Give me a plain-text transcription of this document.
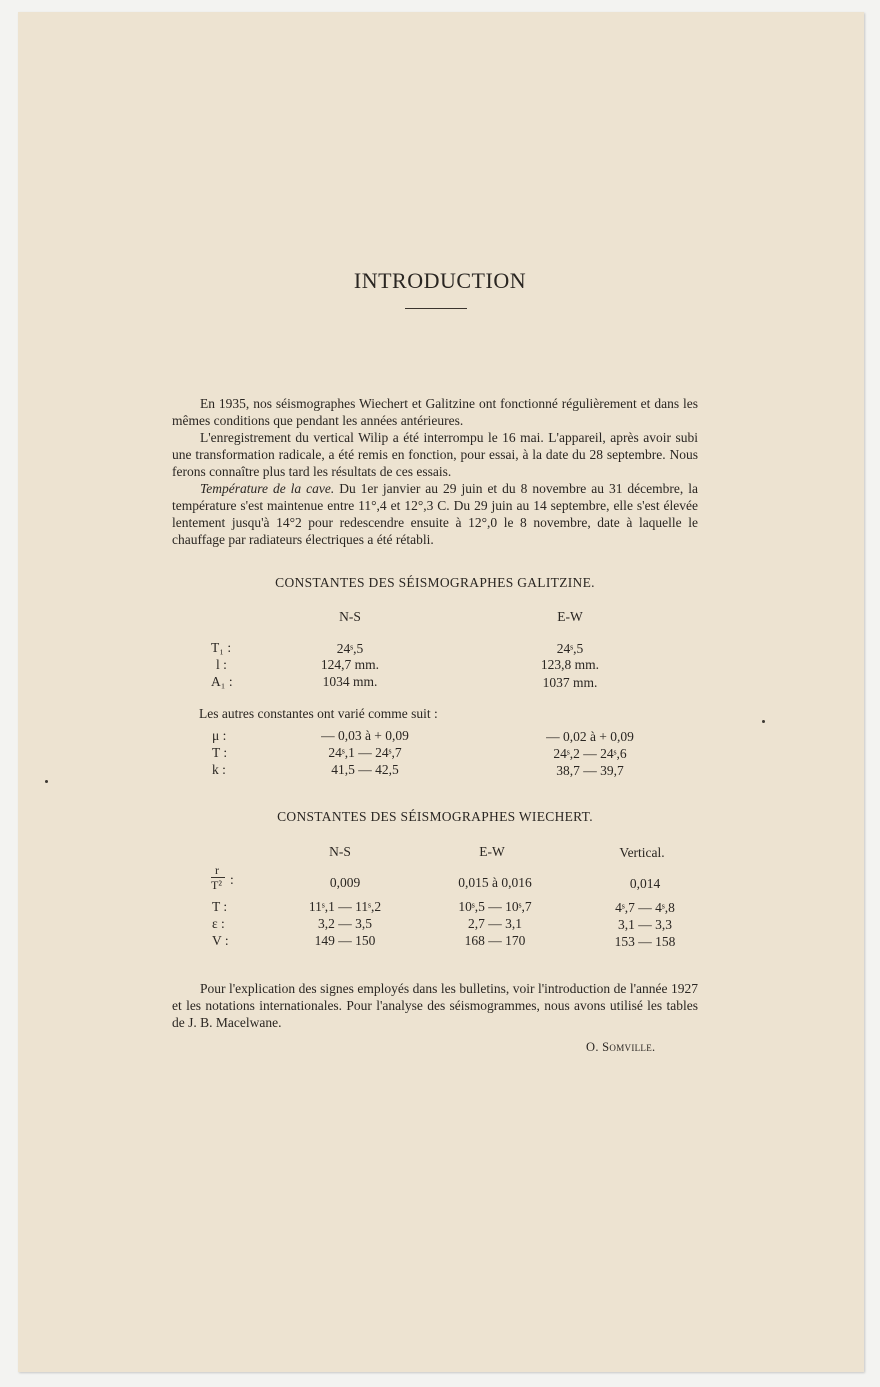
INTRODUCTION

En 1935, nos séismographes Wiechert et Galitzine ont fonctionné régulièrement et dans les mêmes conditions que pendant les années antérieures.

L'enregistrement du vertical Wilip a été interrompu le 16 mai. L'appareil, après avoir subi une transformation radicale, a été remis en fonction, pour essai, à la date du 28 septembre. Nous ferons connaître plus tard les résultats de ces essais.

Température de la cave. Du 1er janvier au 29 juin et du 8 novembre au 31 décembre, la température s'est maintenue entre 11°,4 et 12°,3 C. Du 29 juin au 14 septembre, elle s'est élevée lentement jusqu'à 14°2 pour redescendre ensuite à 12°,0 le 8 novembre, date à laquelle le chauffage par radiateurs électriques a été rétabli.

CONSTANTES DES SÉISMOGRAPHES GALITZINE.
N-S	E-W
T₁ :	24ˢ,5	24ˢ,5
l :	124,7 mm.	123,8 mm.
A₁ :	1034 mm.	1037 mm.
Les autres constantes ont varié comme suit :
μ :	— 0,03 à + 0,09	— 0,02 à + 0,09
T :	24ˢ,1 — 24ˢ,7	24ˢ,2 — 24ˢ,6
k :	41,5 — 42,5	38,7 — 39,7
CONSTANTES DES SÉISMOGRAPHES WIECHERT.
N-S	E-W	Vertical.
r
T² :	0,009	0,015 à 0,016	0,014
T :	11ˢ,1 — 11ˢ,2	10ˢ,5 — 10ˢ,7	4ˢ,7 — 4ˢ,8
ε :	3,2 — 3,5	2,7 — 3,1	3,1 — 3,3
V :	149 — 150	168 — 170	153 — 158

Pour l'explication des signes employés dans les bulletins, voir l'introduction de l'année 1927 et les notations internationales. Pour l'analyse des séismogrammes, nous avons utilisé les tables de J. B. Macelwane.

O. Somville.
